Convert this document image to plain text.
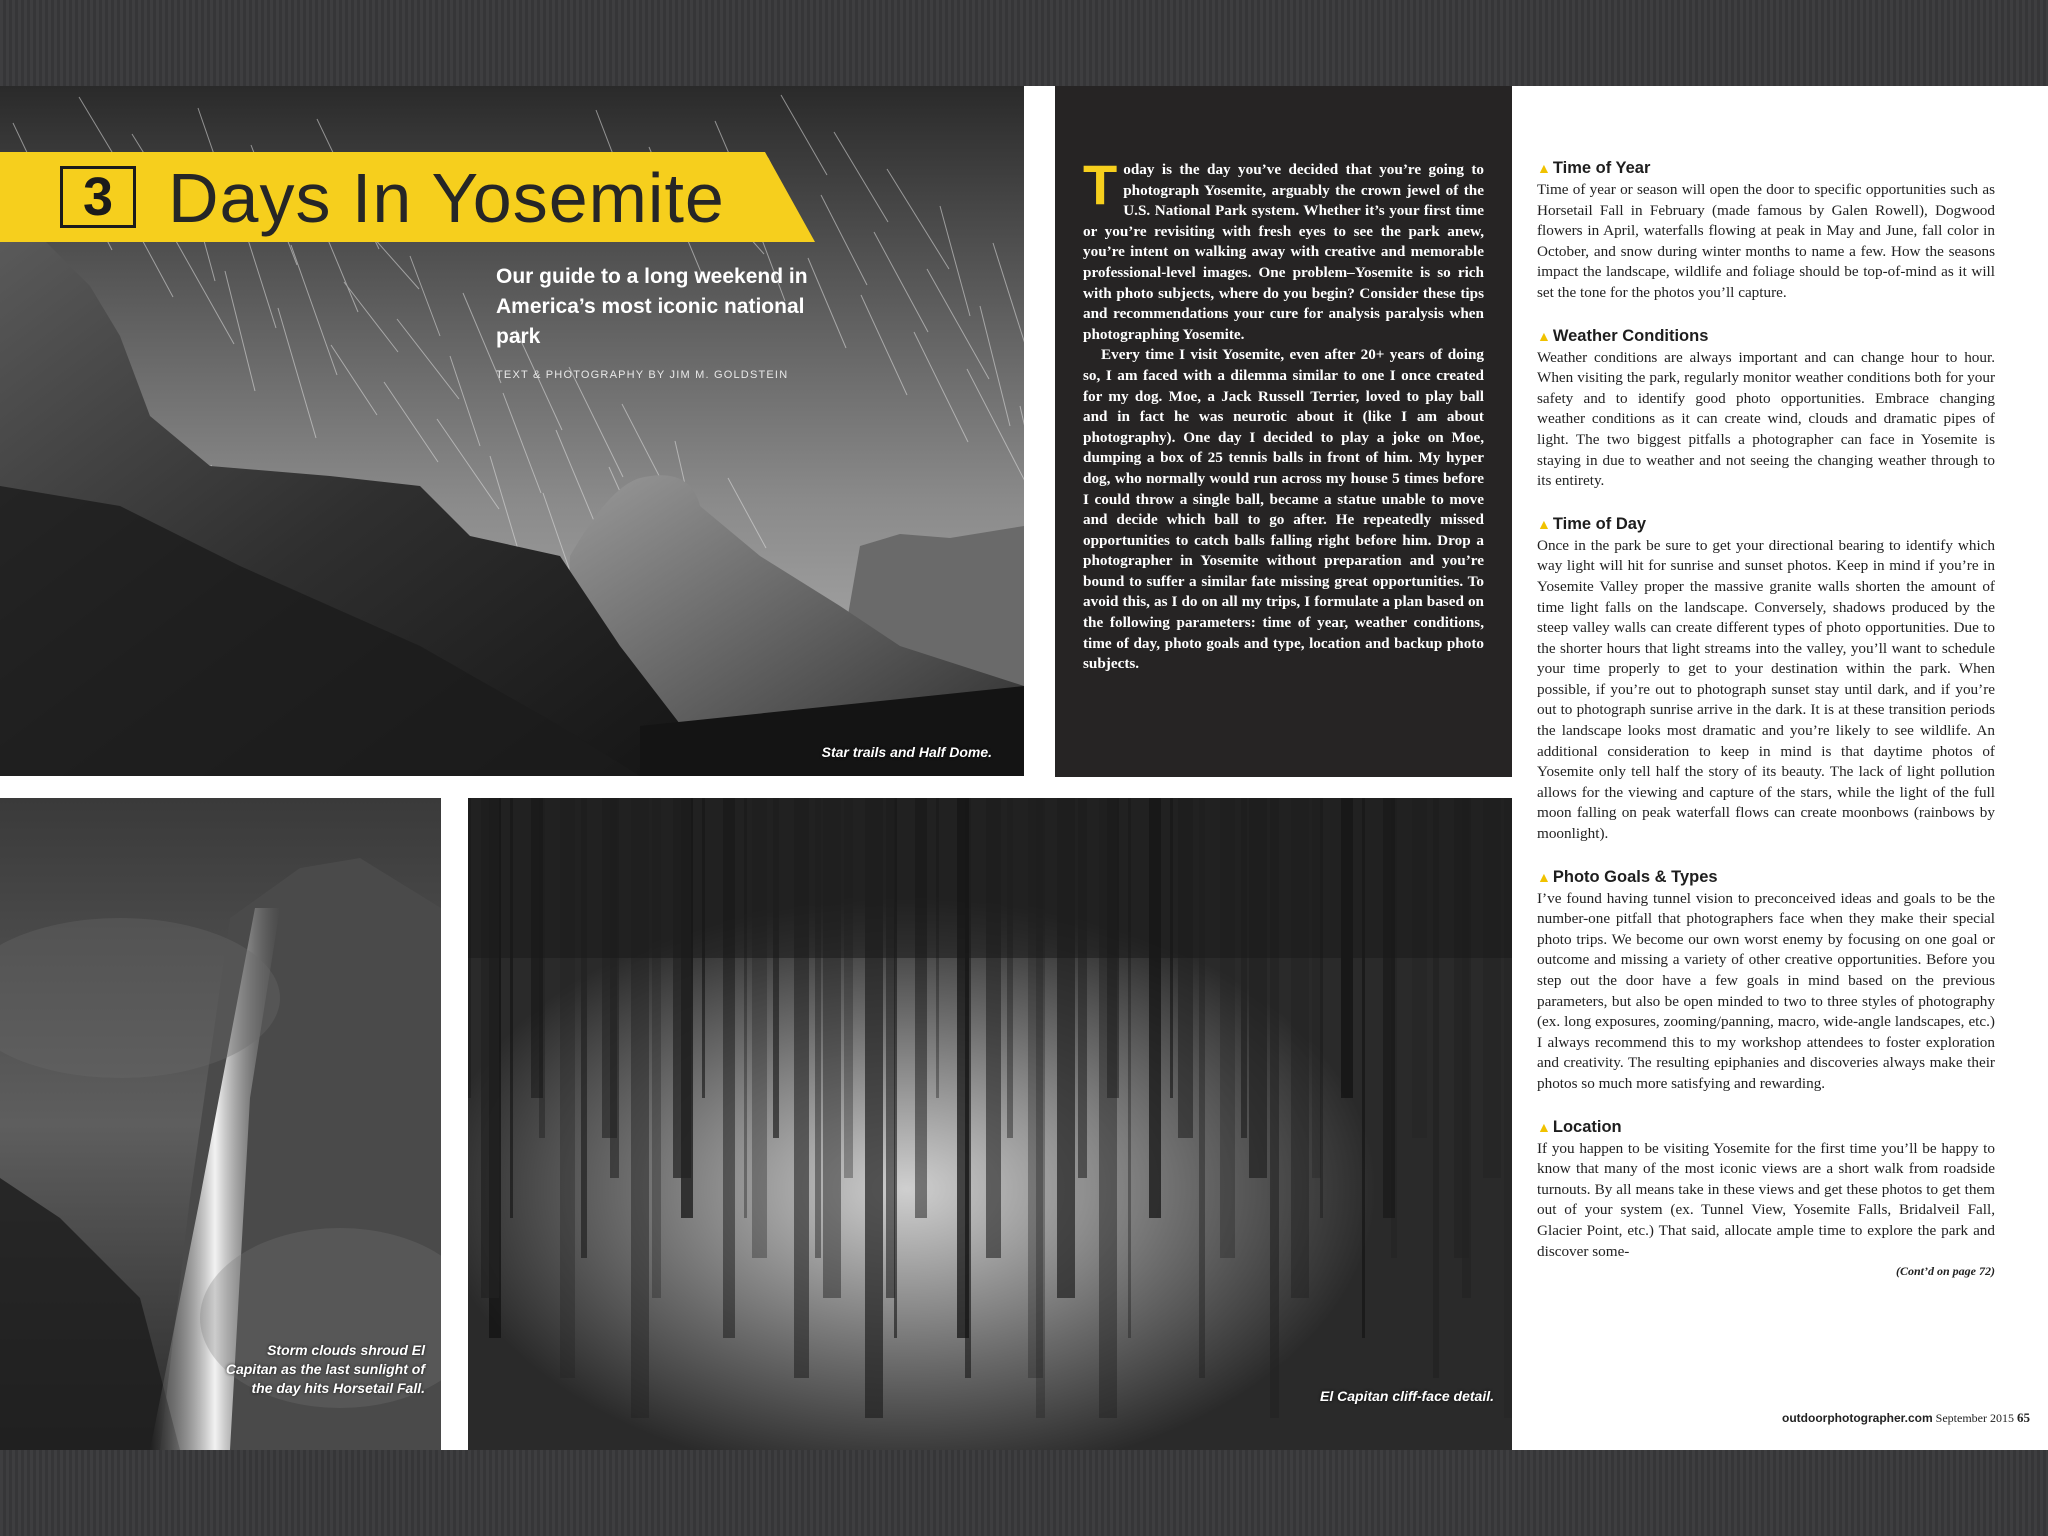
Star trails and Half Dome.
3 Days In Yosemite
Our guide to a long weekend in America’s most iconic national park
TEXT & PHOTOGRAPHY BY JIM M. GOLDSTEIN

Today is the day you’ve decided that you’re going to photograph Yosemite, arguably the crown jewel of the U.S. National Park system. Whether it’s your first time or you’re revisiting with fresh eyes to see the park anew, you’re intent on walking away with creative and memorable professional-level images. One problem–Yosemite is so rich with photo subjects, where do you begin? Consider these tips and recommendations your cure for analysis paralysis when photographing Yosemite.

Every time I visit Yosemite, even after 20+ years of doing so, I am faced with a dilemma similar to one I once created for my dog. Moe, a Jack Russell Terrier, loved to play ball and in fact he was neurotic about it (like I am about photography). One day I decided to play a joke on Moe, dumping a box of 25 tennis balls in front of him. My hyper dog, who normally would run across my house 5 times before I could throw a single ball, became a statue unable to move and decide which ball to go after. He repeatedly missed opportunities to catch balls falling right before him. Drop a photographer in Yosemite without preparation and you’re bound to suffer a similar fate missing great opportunities. To avoid this, as I do on all my trips, I formulate a plan based on the following parameters: time of year, weather conditions, time of day, photo goals and type, location and backup photo subjects.

▲ Time of Year

Time of year or season will open the door to specific opportunities such as Horsetail Fall in February (made famous by Galen Rowell), Dogwood flowers in April, waterfalls flowing at peak in May and June, fall color in October, and snow during winter months to name a few. How the seasons impact the landscape, wildlife and foliage should be top-of-mind as it will set the tone for the photos you’ll capture.

▲ Weather Conditions

Weather conditions are always important and can change hour to hour. When visiting the park, regularly monitor weather conditions both for your safety and to identify good photo opportunities. Embrace changing weather conditions as it can create wind, clouds and dramatic pipes of light. The two biggest pitfalls a photographer can face in Yosemite is staying in due to weather and not seeing the changing weather through to its entirety.

▲ Time of Day

Once in the park be sure to get your directional bearing to identify which way light will hit for sunrise and sunset photos. Keep in mind if you’re in Yosemite Valley proper the massive granite walls shorten the amount of time light falls on the landscape. Conversely, shadows produced by the steep valley walls can create different types of photo opportunities. Due to the shorter hours that light streams into the valley, you’ll want to schedule your time properly to get to your destination within the park. When possible, if you’re out to photograph sunset stay until dark, and if you’re out to photograph sunrise arrive in the dark. It is at these transition periods the landscape looks most dramatic and you’re likely to see wildlife. An additional consideration to keep in mind is that daytime photos of Yosemite only tell half the story of its beauty. The lack of light pollution allows for the viewing and capture of the stars, while the light of the full moon falling on peak waterfall flows can create moonbows (rainbows by moonlight).

▲ Photo Goals & Types

I’ve found having tunnel vision to preconceived ideas and goals to be the number-one pitfall that photographers face when they make their special photo trips. We become our own worst enemy by focusing on one goal or outcome and missing a variety of other creative opportunities. Before you step out the door have a few goals in mind based on the previous parameters, but also be open minded to two to three styles of photography (ex. long exposures, zooming/panning, macro, wide-angle landscapes, etc.) I always recommend this to my workshop attendees to foster exploration and creativity. The resulting epiphanies and discoveries always make their photos so much more satisfying and rewarding.

▲ Location

If you happen to be visiting Yosemite for the first time you’ll be happy to know that many of the most iconic views are a short walk from roadside turnouts. By all means take in these views and get these photos to get them out of your system (ex. Tunnel View, Yosemite Falls, Bridalveil Fall, Glacier Point, etc.) That said, allocate ample time to explore the park and discover some-

(Cont’d on page 72)
Storm clouds shroud El Capitan as the last sunlight of the day hits Horsetail Fall.	El Capitan cliff-face detail.
outdoorphotographer.com September 2015 65
